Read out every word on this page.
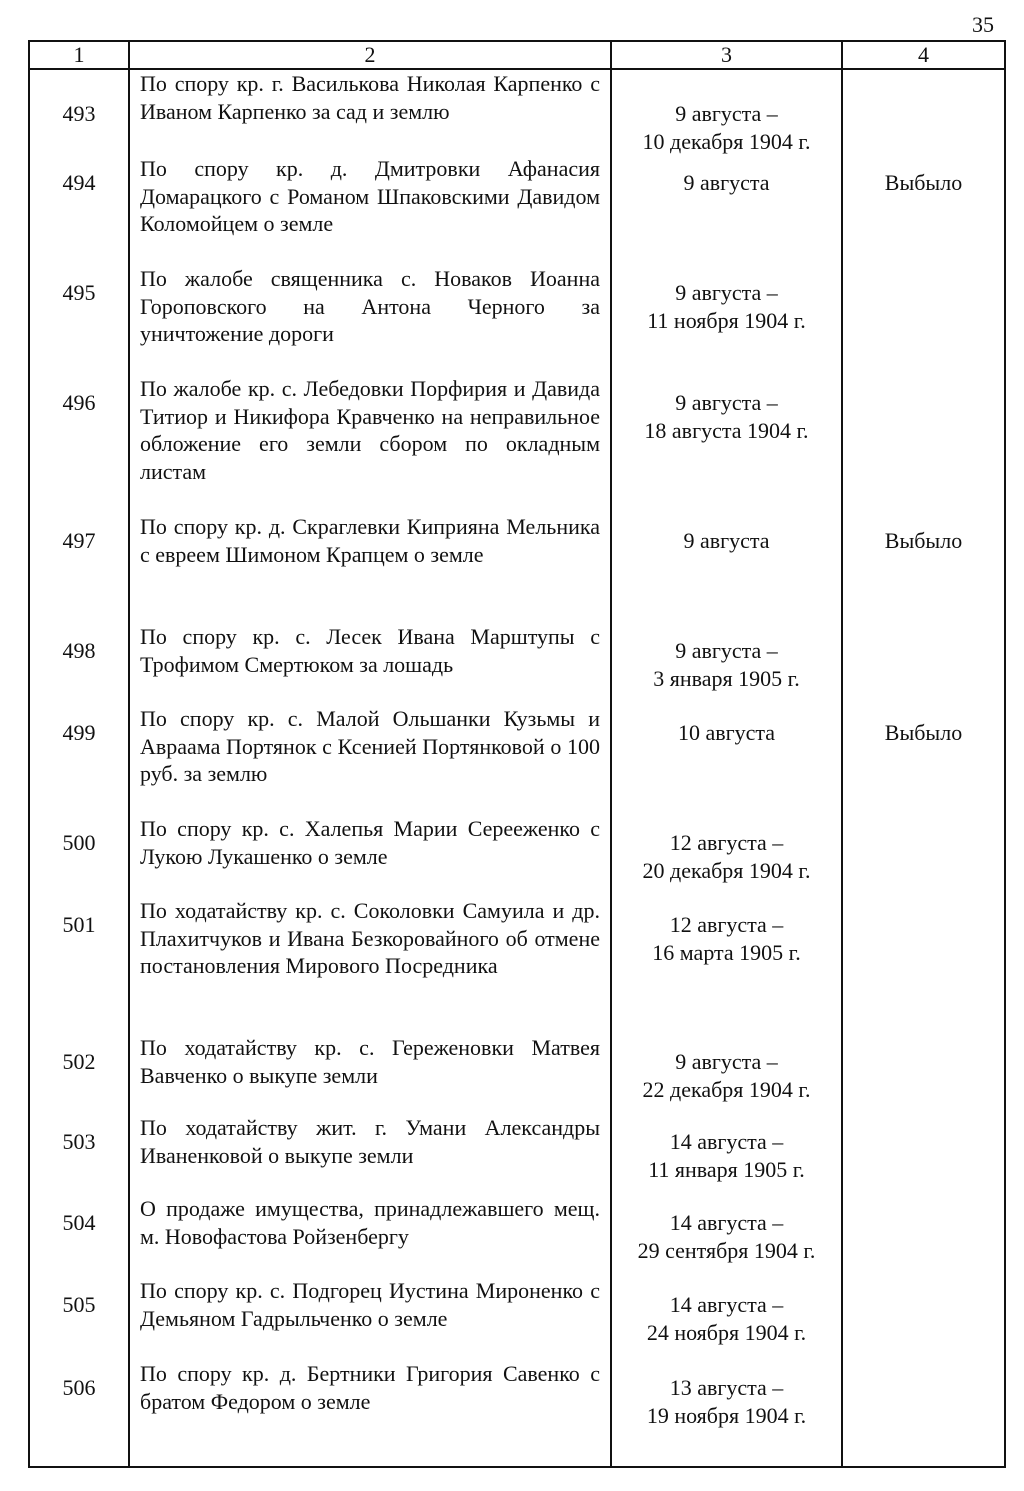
35
1	2	3	4
493	По спору кр. г. Василькова Николая Карпенко с Иваном Карпенко за сад и землю	9 августа –
10 декабря 1904 г.	

494	По спору кр. д. Дмитровки Афанасия Домарацкого с Романом Шпаковскими Давидом Коломойцем о земле	9 августа	Выбыло
495	По жалобе священника с. Новаков Иоанна Гороповского на Антона Черного за уничтожение дороги	9 августа –
11 ноября 1904 г.	

496	По жалобе кр. с. Лебедовки Порфирия и Давида Титиор и Никифора Кравченко на неправильное обложение его земли сбором по окладным листам	9 августа –
18 августа 1904 г.	

497	По спору кр. д. Скраглевки Киприяна Мельника с евреем Шимоном Крапцем о земле	9 августа	Выбыло
498	По спору кр. с. Лесек Ивана Марштупы с Трофимом Смертюком за лошадь	9 августа –
3 января 1905 г.	

499	По спору кр. с. Малой Ольшанки Кузьмы и Авраама Портянок с Ксенией Портянковой о 100 руб. за землю	10 августа	Выбыло
500	По спору кр. с. Халепья Марии Серееженко с Лукою Лукашенко о земле	12 августа –
20 декабря 1904 г.	

501	По ходатайству кр. с. Соколовки Самуила и др. Плахитчуков и Ивана Безкоровайного об отмене постановления Мирового Посредника	12 августа –
16 марта 1905 г.	

502	По ходатайству кр. с. Гереженовки Матвея Вавченко о выкупе земли	9 августа –
22 декабря 1904 г.	

503	По ходатайству жит. г. Умани Александры Иваненковой о выкупе земли	14 августа –
11 января 1905 г.	

504	О продаже имущества, принадлежавшего мещ. м. Новофастова Ройзенбергу	14 августа –
29 сентября 1904 г.	

505	По спору кр. с. Подгорец Иустина Мироненко с Демьяном Гадрыльченко о земле	14 августа –
24 ноября 1904 г.	

506	По спору кр. д. Бертники Григория Савенко с братом Федором о земле	13 августа –
19 ноября 1904 г.	
